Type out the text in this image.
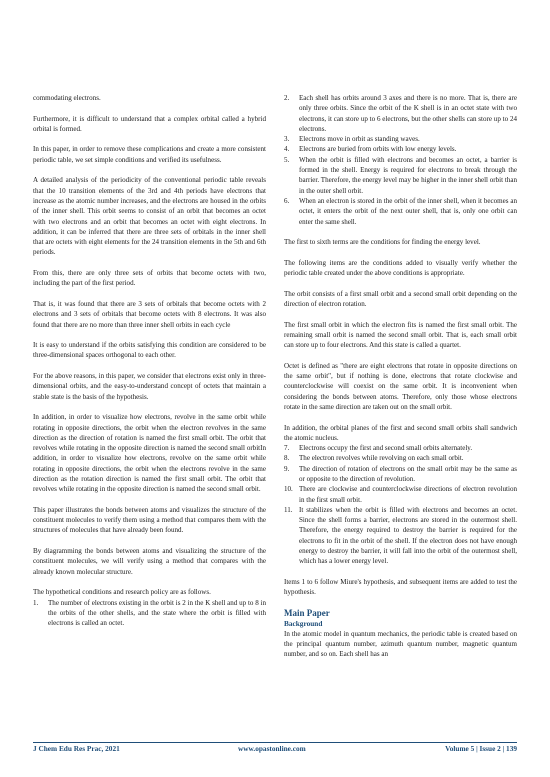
commodating electrons.

Furthermore, it is difficult to understand that a complex orbital called a hybrid orbital is formed.

In this paper, in order to remove these complications and create a more consistent periodic table, we set simple conditions and verified its usefulness.

A detailed analysis of the periodicity of the conventional periodic table reveals that the 10 transition elements of the 3rd and 4th periods have electrons that increase as the atomic number increases, and the electrons are housed in the orbits of the inner shell. This orbit seems to consist of an orbit that becomes an octet with two electrons and an orbit that becomes an octet with eight electrons. In addition, it can be inferred that there are three sets of orbitals in the inner shell that are octets with eight elements for the 24 transition elements in the 5th and 6th periods.

From this, there are only three sets of orbits that become octets with two, including the part of the first period.

That is, it was found that there are 3 sets of orbitals that become octets with 2 electrons and 3 sets of orbitals that become octets with 8 electrons. It was also found that there are no more than three inner shell orbits in each cycle

It is easy to understand if the orbits satisfying this condition are considered to be three-dimensional spaces orthogonal to each other.

For the above reasons, in this paper, we consider that electrons exist only in three-dimensional orbits, and the easy-to-understand concept of octets that maintain a stable state is the basis of the hypothesis.

In addition, in order to visualize how electrons, revolve in the same orbit while rotating in opposite directions, the orbit when the electron revolves in the same direction as the direction of rotation is named the first small orbit. The orbit that revolves while rotating in the opposite direction is named the second small orbitIn addition, in order to visualize how electrons, revolve on the same orbit while rotating in opposite directions, the orbit when the electrons revolve in the same direction as the rotation direction is named the first small orbit. The orbit that revolves while rotating in the opposite direction is named the second small orbit.

This paper illustrates the bonds between atoms and visualizes the structure of the constituent molecules to verify them using a method that compares them with the structures of molecules that have already been found.

By diagramming the bonds between atoms and visualizing the structure of the constituent molecules, we will verify using a method that compares with the already known molecular structure.

The hypothetical conditions and research policy are as follows.

1. The number of electrons existing in the orbit is 2 in the K shell and up to 8 in the orbits of the other shells, and the state where the orbit is filled with electrons is called an octet.
2. Each shell has orbits around 3 axes and there is no more. That is, there are only three orbits. Since the orbit of the K shell is in an octet state with two electrons, it can store up to 6 electrons, but the other shells can store up to 24 electrons.
3. Electrons move in orbit as standing waves.
4. Electrons are buried from orbits with low energy levels.
5. When the orbit is filled with electrons and becomes an octet, a barrier is formed in the shell. Energy is required for electrons to break through the barrier. Therefore, the energy level may be higher in the inner shell orbit than in the outer shell orbit.
6. When an electron is stored in the orbit of the inner shell, when it becomes an octet, it enters the orbit of the next outer shell, that is, only one orbit can enter the same shell.

The first to sixth terms are the conditions for finding the energy level.

The following items are the conditions added to visually verify whether the periodic table created under the above conditions is appropriate.

The orbit consists of a first small orbit and a second small orbit depending on the direction of electron rotation.

The first small orbit in which the electron fits is named the first small orbit. The remaining small orbit is named the second small orbit. That is, each small orbit can store up to four electrons. And this state is called a quartet.

Octet is defined as "there are eight electrons that rotate in opposite directions on the same orbit", but if nothing is done, electrons that rotate clockwise and counterclockwise will coexist on the same orbit. It is inconvenient when considering the bonds between atoms. Therefore, only those whose electrons rotate in the same direction are taken out on the small orbit.

In addition, the orbital planes of the first and second small orbits shall sandwich the atomic nucleus.

7. Electrons occupy the first and second small orbits alternately.
8. The electron revolves while revolving on each small orbit.
9. The direction of rotation of electrons on the small orbit may be the same as or opposite to the direction of revolution.
10. There are clockwise and counterclockwise directions of electron revolution in the first small orbit.
11. It stabilizes when the orbit is filled with electrons and becomes an octet. Since the shell forms a barrier, electrons are stored in the outermost shell. Therefore, the energy required to destroy the barrier is required for the electrons to fit in the orbit of the shell. If the electron does not have enough energy to destroy the barrier, it will fall into the orbit of the outermost shell, which has a lower energy level.

Items 1 to 6 follow Miure's hypothesis, and subsequent items are added to test the hypothesis.

Main Paper
Background

In the atomic model in quantum mechanics, the periodic table is created based on the principal quantum number, azimuth quantum number, magnetic quantum number, and so on. Each shell has an

J Chem Edu Res Prac, 2021	www.opastonline.com	Volume 5 | Issue 2 | 139
